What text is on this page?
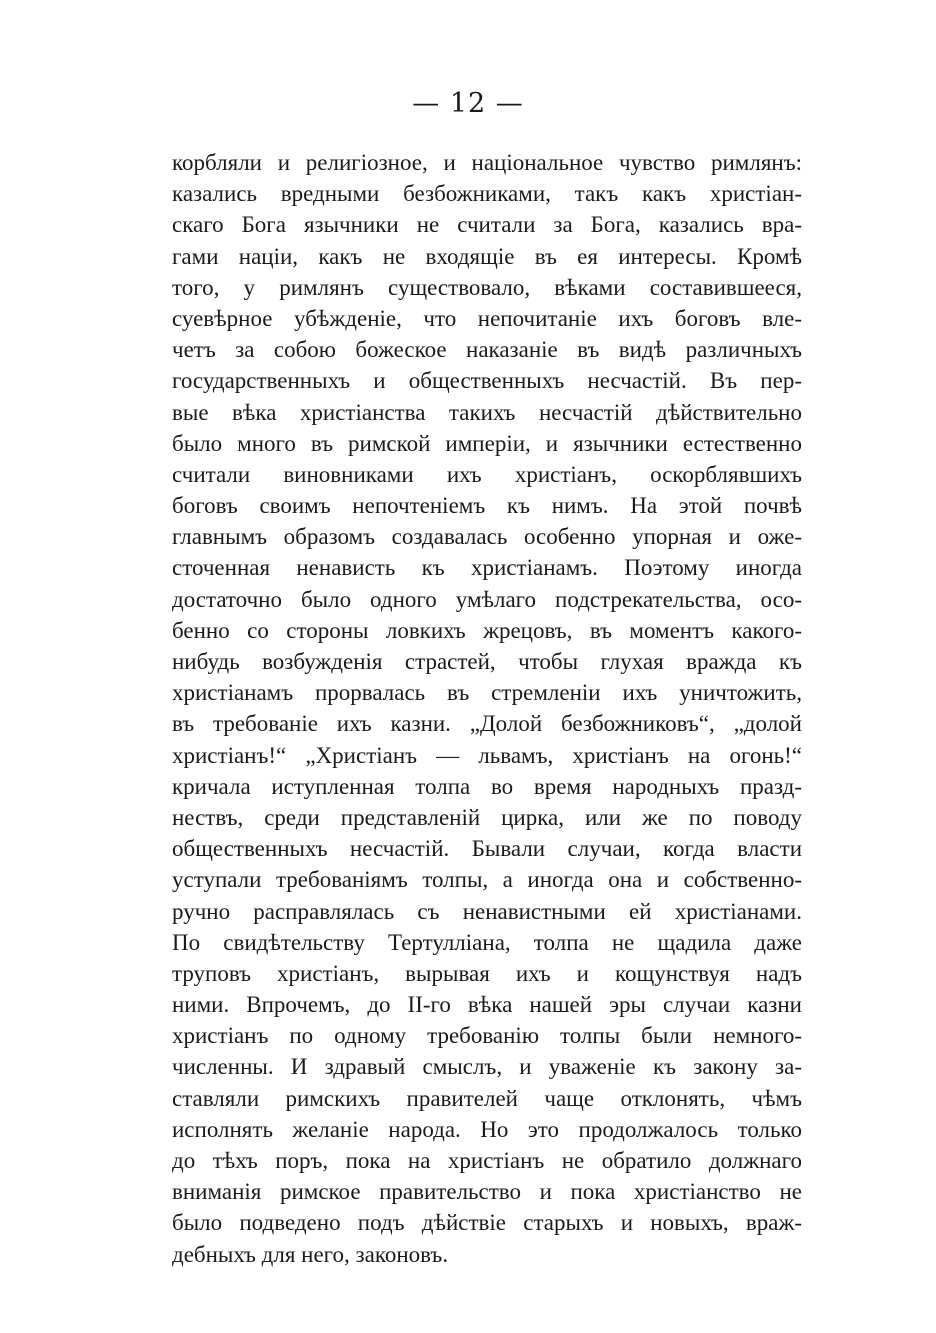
— 12 —
корбляли и религiозное, и нацiональное чувство римлянъ:
казались вредными безбожниками, такъ какъ христiан-
скаго Бога язычники не считали за Бога, казались вра-
гами нацiи, какъ не входящiе въ ея интересы. Кромѣ
того, у римлянъ существовало, вѣками составившееся,
суевѣрное убѣжденiе, что непочитанiе ихъ боговъ вле-
четъ за собою божеское наказанiе въ видѣ различныхъ
государственныхъ и общественныхъ несчастiй. Въ пер-
вые вѣка христiанства такихъ несчастiй дѣйствительно
было много въ римской имперiи, и язычники естественно
считали виновниками ихъ христiанъ, оскорблявшихъ
боговъ своимъ непочтенiемъ къ нимъ. На этой почвѣ
главнымъ образомъ создавалась особенно упорная и оже-
сточенная ненависть къ христiанамъ. Поэтому иногда
достаточно было одного умѣлаго подстрекательства, осо-
бенно со стороны ловкихъ жрецовъ, въ моментъ какого-
нибудь возбужденiя страстей, чтобы глухая вражда къ
христiанамъ прорвалась въ стремленiи ихъ уничтожить,
въ требованiе ихъ казни. „Долой безбожниковъ“, „долой
христiанъ!“ „Христiанъ — львамъ, христiанъ на огонь!“
кричала иступленная толпа во время народныхъ празд-
нествъ, среди представленiй цирка, или же по поводу
общественныхъ несчастiй. Бывали случаи, когда власти
уступали требованiямъ толпы, а иногда она и собственно-
ручно расправлялась съ ненавистными ей христiанами.
По свидѣтельству Тертуллiана, толпа не щадила даже
труповъ христiанъ, вырывая ихъ и кощунствуя надъ
ними. Впрочемъ, до II-го вѣка нашей эры случаи казни
христiанъ по одному требованiю толпы были немного-
численны. И здравый смыслъ, и уваженiе къ закону за-
ставляли римскихъ правителей чаще отклонять, чѣмъ
исполнять желанiе народа. Но это продолжалось только
до тѣхъ поръ, пока на христiанъ не обратило должнаго
вниманiя римское правительство и пока христiанство не
было подведено подъ дѣйствiе старыхъ и новыхъ, враж-
дебныхъ для него, законовъ.
